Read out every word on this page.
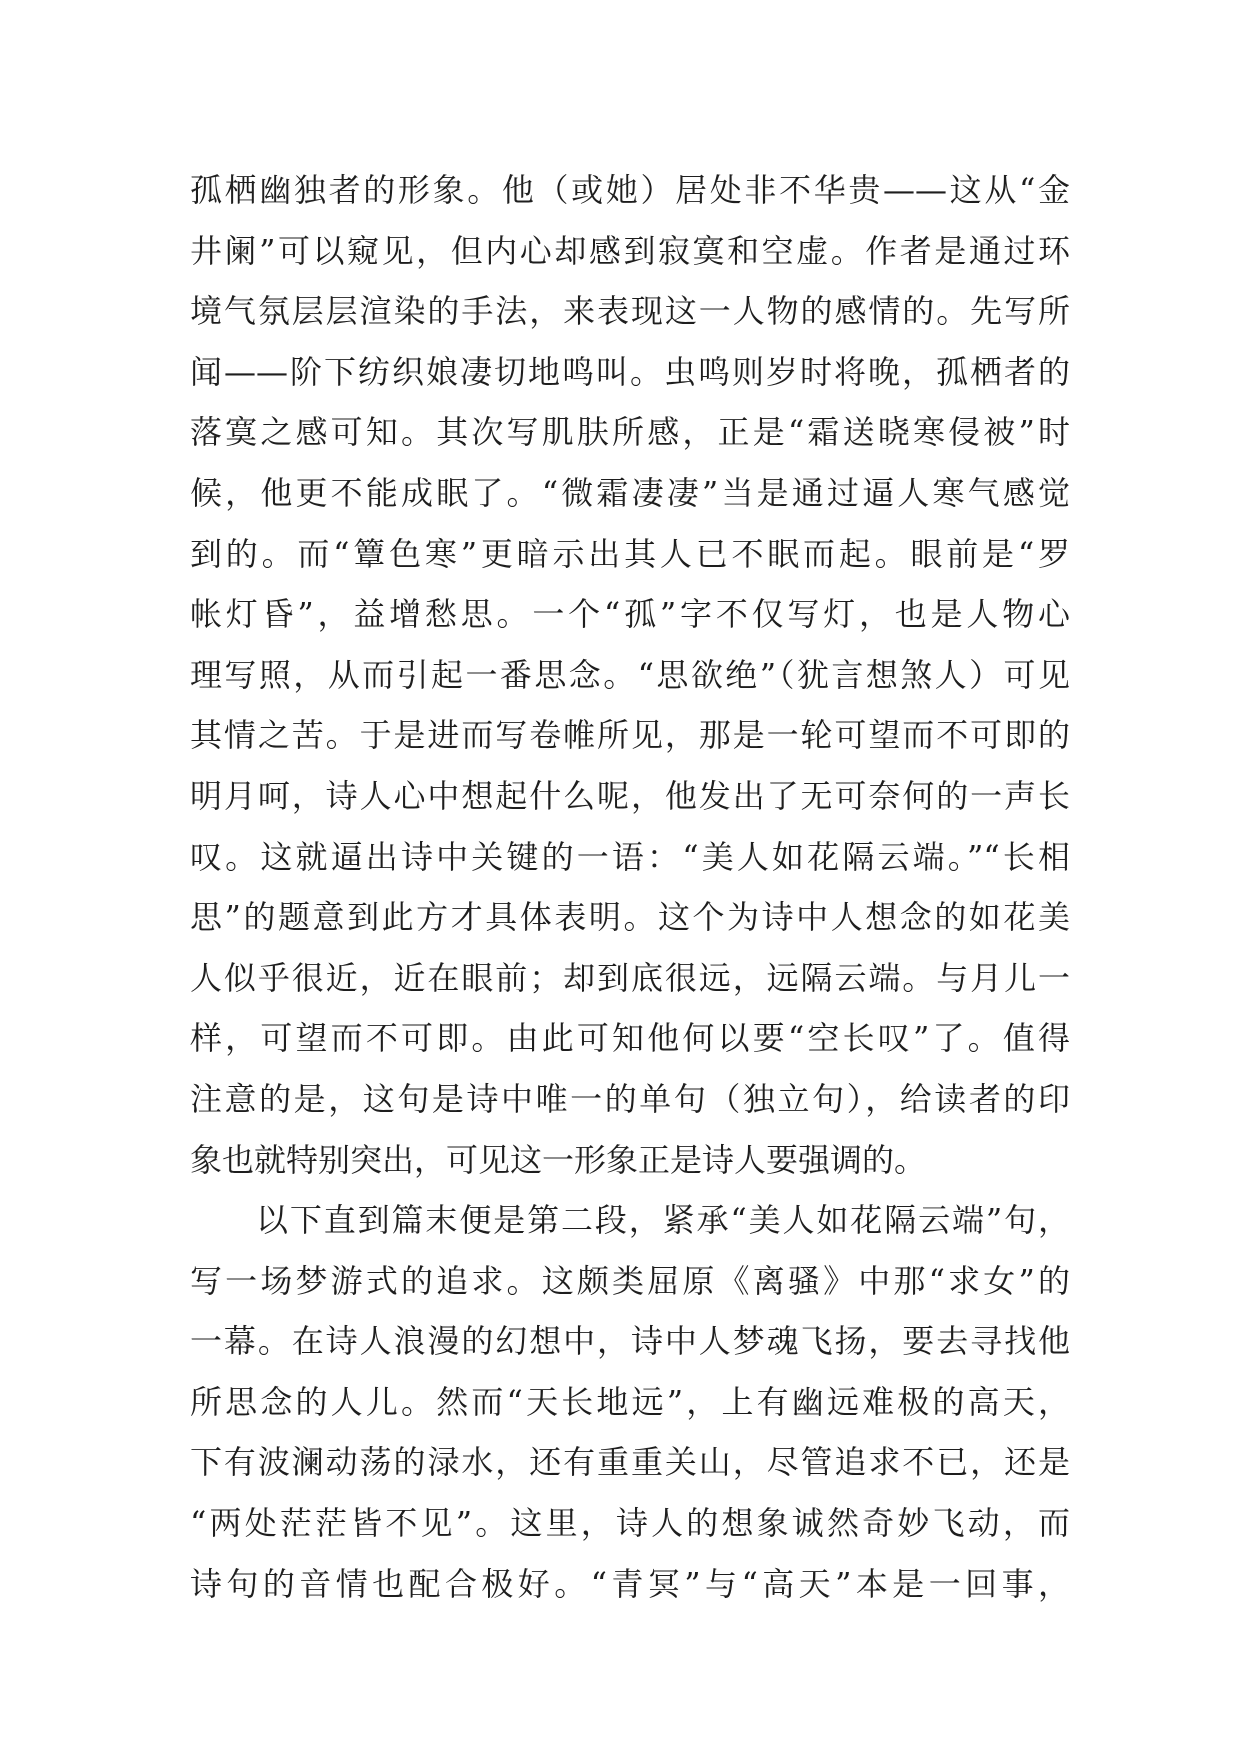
孤栖幽独者的形象。他（或她）居处非不华贵——这从“金
井阑”可以窥见，但内心却感到寂寞和空虚。作者是通过环
境气氛层层渲染的手法，来表现这一人物的感情的。先写所
闻——阶下纺织娘凄切地鸣叫。虫鸣则岁时将晚，孤栖者的
落寞之感可知。其次写肌肤所感，正是“霜送晓寒侵被”时
候，他更不能成眠了。“微霜凄凄”当是通过逼人寒气感觉
到的。而“簟色寒”更暗示出其人已不眠而起。眼前是“罗
帐灯昏”，益增愁思。一个“孤”字不仅写灯，也是人物心
理写照，从而引起一番思念。“思欲绝”（犹言想煞人）可见
其情之苦。于是进而写卷帷所见，那是一轮可望而不可即的
明月呵，诗人心中想起什么呢，他发出了无可奈何的一声长
叹。这就逼出诗中关键的一语：“美人如花隔云端。”“长相
思”的题意到此方才具体表明。这个为诗中人想念的如花美
人似乎很近，近在眼前；却到底很远，远隔云端。与月儿一
样，可望而不可即。由此可知他何以要“空长叹”了。值得
注意的是，这句是诗中唯一的单句（独立句），给读者的印
象也就特别突出，可见这一形象正是诗人要强调的。
以下直到篇末便是第二段，紧承“美人如花隔云端”句，
写一场梦游式的追求。这颇类屈原《离骚》中那“求女”的
一幕。在诗人浪漫的幻想中，诗中人梦魂飞扬，要去寻找他
所思念的人儿。然而“天长地远”，上有幽远难极的高天，
下有波澜动荡的渌水，还有重重关山，尽管追求不已，还是
“两处茫茫皆不见”。这里，诗人的想象诚然奇妙飞动，而
诗句的音情也配合极好。“青冥”与“高天”本是一回事，
